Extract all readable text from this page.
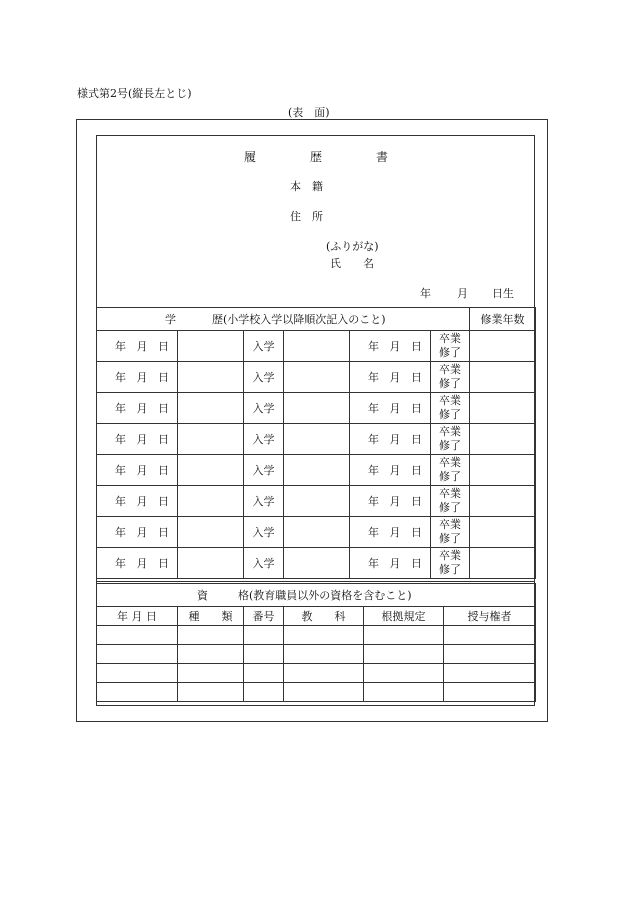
様式第2号(縦長左とじ)
(表　面)
履	歴	書
本　籍
住　所
(ふりがな)
氏　　名
年 月 日生
学 歴(小学校入学以降順次記入のこと)						修業年数

年 月 日		入学		年 月 日	卒業
修了	

年 月 日		入学		年 月 日	卒業
修了	

年 月 日		入学		年 月 日	卒業
修了	

年 月 日		入学		年 月 日	卒業
修了	

年 月 日		入学		年 月 日	卒業
修了	

年 月 日		入学		年 月 日	卒業
修了	

年 月 日		入学		年 月 日	卒業
修了	

年 月 日		入学		年 月 日	卒業
修了	

資 格(教育職員以外の資格を含むこと)					

年 月 日	種　　類	番号	教　　科	根拠規定	授与権者
